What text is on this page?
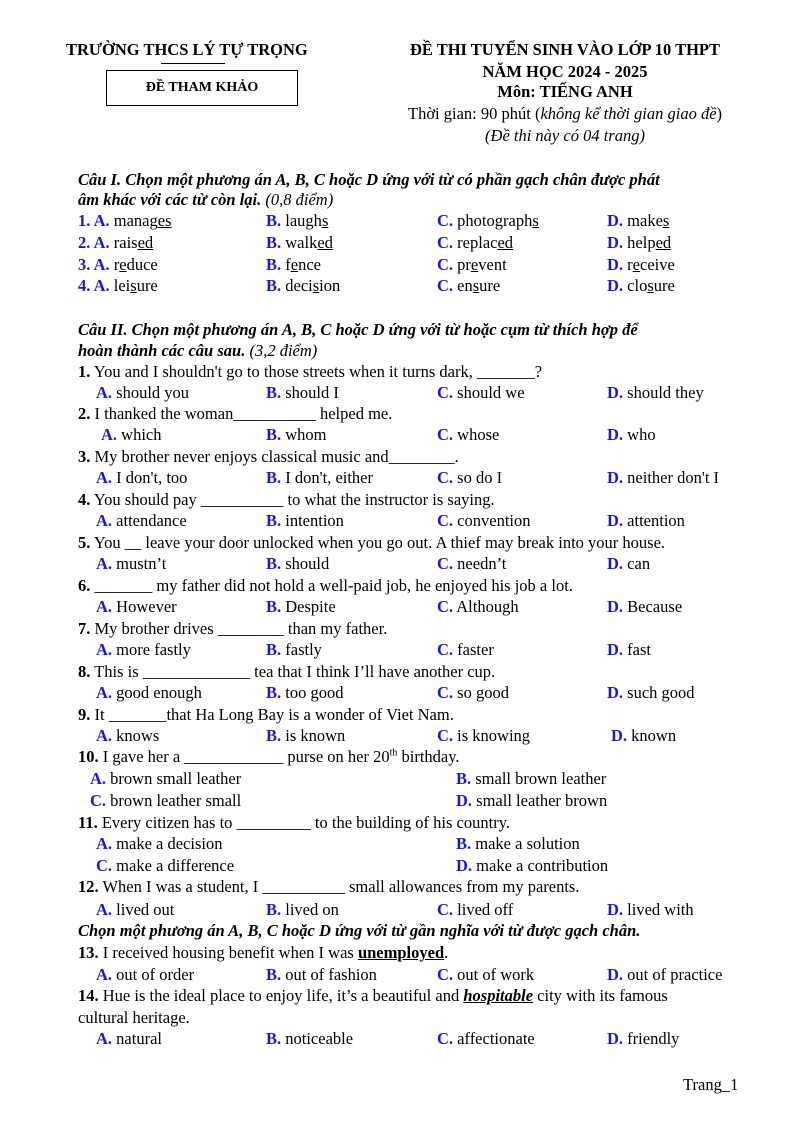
TRƯỜNG THCS LÝ TỰ TRỌNG
ĐỀ THAM KHẢO
ĐỀ THI TUYỂN SINH VÀO LỚP 10 THPT
NĂM HỌC 2024 - 2025
Môn: TIẾNG ANH
Thời gian: 90 phút (không kể thời gian giao đề)
(Đề thi này có 04 trang)
Câu I. Chọn một phương án A, B, C hoặc D ứng với từ có phần gạch chân được phát
âm khác với các từ còn lại. (0,8 điểm)
1. A. manages	B. laughs	C. photographs	D. makes
2. A. raised	B. walked	C. replaced	D. helped
3. A. reduce	B. fence	C. prevent	D. receive
4. A. leisure	B. decision	C. ensure	D. closure
Câu II. Chọn một phương án A, B, C hoặc D ứng với từ hoặc cụm từ thích hợp để
hoàn thành các câu sau. (3,2 điểm)
1. You and I shouldn't go to those streets when it turns dark, _______?
A. should you	B. should I	C. should we	D. should they
2. I thanked the woman__________ helped me.
A. which	B. whom	C. whose	D. who
3. My brother never enjoys classical music and________.
A. I don't, too	B. I don't, either	C. so do I	D. neither don't I
4. You should pay __________ to what the instructor is saying.
A. attendance	B. intention	C. convention	D. attention
5. You __ leave your door unlocked when you go out. A thief may break into your house.
A. mustn’t	B. should	C. needn’t	D. can
6. _______ my father did not hold a well-paid job, he enjoyed his job a lot.
A. However	B. Despite	C. Although	D. Because
7. My brother drives ________ than my father.
A. more fastly	B. fastly	C. faster	D. fast
8. This is _____________ tea that I think I’ll have another cup.
A. good enough	B. too good	C. so good	D. such good
9. It _______that Ha Long Bay is a wonder of Viet Nam.
A. knows	B. is known	C. is knowing	D. known
10. I gave her a ____________ purse on her 20th birthday.
A. brown small leather	B. small brown leather
C. brown leather small	D. small leather brown
11. Every citizen has to _________ to the building of his country.
A. make a decision	B. make a solution
C. make a difference	D. make a contribution
12. When I was a student, I __________ small allowances from my parents.
A. lived out	B. lived on	C. lived off	D. lived with
Chọn một phương án A, B, C hoặc D ứng với từ gần nghĩa với từ được gạch chân.
13. I received housing benefit when I was unemployed.
A. out of order	B. out of fashion	C. out of work	D. out of practice
14. Hue is the ideal place to enjoy life, it’s a beautiful and hospitable city with its famous
cultural heritage.
A. natural	B. noticeable	C. affectionate	D. friendly
Trang_1
